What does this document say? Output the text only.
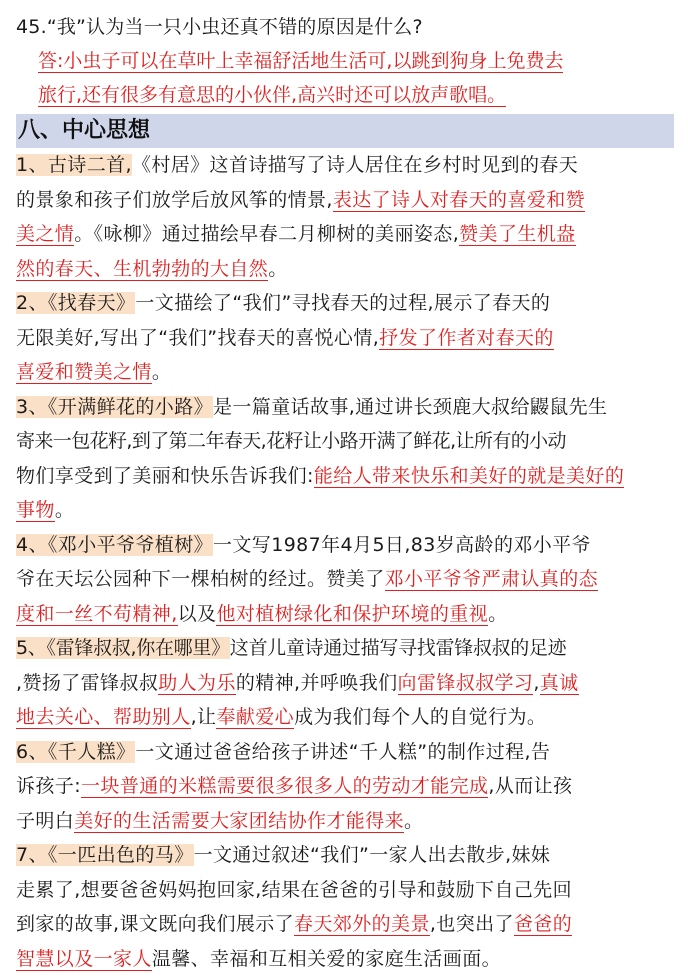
45.“我”认为当一只小虫还真不错的原因是什么?
答:小虫子可以在草叶上幸福舒活地生活可,以跳到狗身上免费去
旅行,还有很多有意思的小伙伴,高兴时还可以放声歌唱。
八、中心思想
1、古诗二首,《村居》这首诗描写了诗人居住在乡村时见到的春天
的景象和孩子们放学后放风筝的情景,表达了诗人对春天的喜爱和赞
美之情。《咏柳》通过描绘早春二月柳树的美丽姿态,赞美了生机盎
然的春天、生机勃勃的大自然。
2、《找春天》一文描绘了“我们”寻找春天的过程,展示了春天的
无限美好,写出了“我们”找春天的喜悦心情,抒发了作者对春天的
喜爱和赞美之情。
3、《开满鲜花的小路》是一篇童话故事,通过讲长颈鹿大叔给鼹鼠先生
寄来一包花籽,到了第二年春天,花籽让小路开满了鲜花,让所有的小动
物们享受到了美丽和快乐告诉我们:能给人带来快乐和美好的就是美好的
事物。
4、《邓小平爷爷植树》一文写1987年4月5日,83岁高龄的邓小平爷
爷在天坛公园种下一棵柏树的经过。赞美了邓小平爷爷严肃认真的态
度和一丝不苟精神,以及他对植树绿化和保护环境的重视。
5、《雷锋叔叔,你在哪里》这首儿童诗通过描写寻找雷锋叔叔的足迹
,赞扬了雷锋叔叔助人为乐的精神,并呼唤我们向雷锋叔叔学习,真诚
地去关心、帮助别人,让奉献爱心成为我们每个人的自觉行为。
6、《千人糕》一文通过爸爸给孩子讲述“千人糕”的制作过程,告
诉孩子:一块普通的米糕需要很多很多人的劳动才能完成,从而让孩
子明白美好的生活需要大家团结协作才能得来。
7、《一匹出色的马》一文通过叙述“我们”一家人出去散步,妹妹
走累了,想要爸爸妈妈抱回家,结果在爸爸的引导和鼓励下自己先回
到家的故事,课文既向我们展示了春天郊外的美景,也突出了爸爸的
智慧以及一家人温馨、幸福和互相关爱的家庭生活画面。
